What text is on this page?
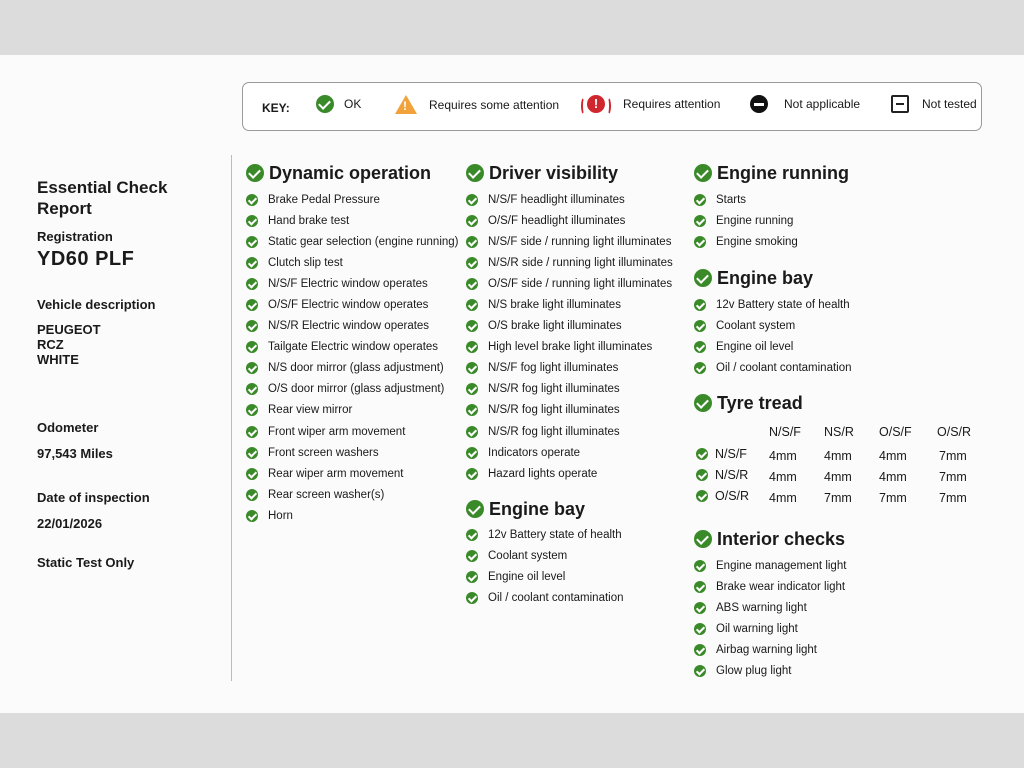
KEY:	OK
!	Requires some attention	!	Requires attention	Not applicable	Not tested
Essential Check Report
Registration
YD60 PLF
Vehicle description
PEUGEOT
RCZ
WHITE
Odometer
97,543 Miles
Date of inspection
22/01/2026
Static Test Only
Dynamic operation
Brake Pedal Pressure
Hand brake test
Static gear selection (engine running)
Clutch slip test
N/S/F Electric window operates
O/S/F Electric window operates
N/S/R Electric window operates
Tailgate Electric window operates
N/S door mirror (glass adjustment)
O/S door mirror (glass adjustment)
Rear view mirror
Front wiper arm movement
Front screen washers
Rear wiper arm movement
Rear screen washer(s)
Horn
Driver visibility
N/S/F headlight illuminates
O/S/F headlight illuminates
N/S/F side / running light illuminates
N/S/R side / running light illuminates
O/S/F side / running light illuminates
N/S brake light illuminates
O/S brake light illuminates
High level brake light illuminates
N/S/F fog light illuminates
N/S/R fog light illuminates
N/S/R fog light illuminates
N/S/R fog light illuminates
Indicators operate
Hazard lights operate
Engine bay
12v Battery state of health
Coolant system
Engine oil level
Oil / coolant contamination
Engine running
Starts
Engine running
Engine smoking
Engine bay
12v Battery state of health
Coolant system
Engine oil level
Oil / coolant contamination
Tyre tread
N/S/F NS/R O/S/F O/S/R
N/S/F 4mm 4mm 4mm	7mm
N/S/R 4mm 4mm 4mm	7mm
O/S/R 4mm 7mm 7mm	7mm
Interior checks
Engine management light
Brake wear indicator light
ABS warning light
Oil warning light
Airbag warning light
Glow plug light
